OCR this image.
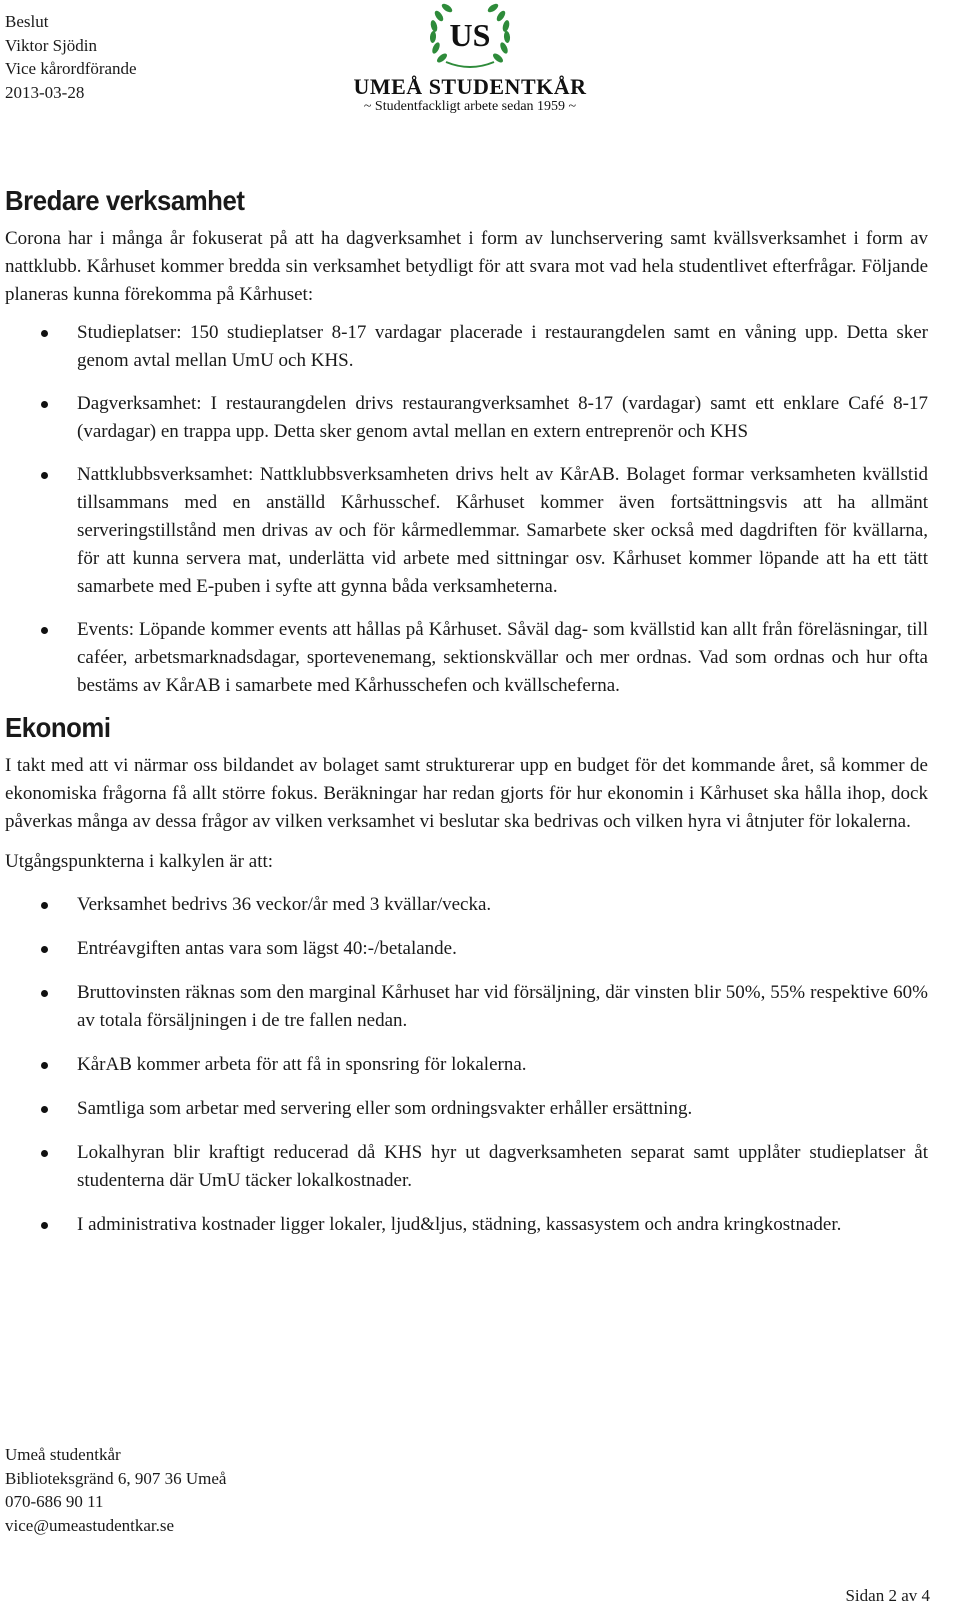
Beslut
Viktor Sjödin
Vice kårordförande
2013-03-28
US
UMEÅ STUDENTKÅR
~ Studentfackligt arbete sedan 1959 ~
Bredare verksamhet

Corona har i många år fokuserat på att ha dagverksamhet i form av lunchservering samt kvällsverksamhet i form av nattklubb. Kårhuset kommer bredda sin verksamhet betydligt för att svara mot vad hela studentlivet efterfrågar. Följande planeras kunna förekomma på Kårhuset:

Studieplatser: 150 studieplatser 8-17 vardagar placerade i restaurangdelen samt en våning upp. Detta sker genom avtal mellan UmU och KHS.
Dagverksamhet: I restaurangdelen drivs restaurangverksamhet 8-17 (vardagar) samt ett enklare Café 8-17 (vardagar) en trappa upp. Detta sker genom avtal mellan en extern entreprenör och KHS
Nattklubbsverksamhet: Nattklubbsverksamheten drivs helt av KårAB. Bolaget formar verksamheten kvällstid tillsammans med en anställd Kårhusschef. Kårhuset kommer även fortsättningsvis att ha allmänt serveringstillstånd men drivas av och för kårmedlemmar. Samarbete sker också med dagdriften för kvällarna, för att kunna servera mat, underlätta vid arbete med sittningar osv. Kårhuset kommer löpande att ha ett tätt samarbete med E-puben i syfte att gynna båda verksamheterna.
Events: Löpande kommer events att hållas på Kårhuset. Såväl dag- som kvällstid kan allt från föreläsningar, till caféer, arbetsmarknadsdagar, sportevenemang, sektionskvällar och mer ordnas. Vad som ordnas och hur ofta bestäms av KårAB i samarbete med Kårhusschefen och kvällscheferna.
Ekonomi

I takt med att vi närmar oss bildandet av bolaget samt strukturerar upp en budget för det kommande året, så kommer de ekonomiska frågorna få allt större fokus. Beräkningar har redan gjorts för hur ekonomin i Kårhuset ska hålla ihop, dock påverkas många av dessa frågor av vilken verksamhet vi beslutar ska bedrivas och vilken hyra vi åtnjuter för lokalerna.

Utgångspunkterna i kalkylen är att:

Verksamhet bedrivs 36 veckor/år med 3 kvällar/vecka.
Entréavgiften antas vara som lägst 40:-/betalande.
Bruttovinsten räknas som den marginal Kårhuset har vid försäljning, där vinsten blir 50%, 55% respektive 60% av totala försäljningen i de tre fallen nedan.
KårAB kommer arbeta för att få in sponsring för lokalerna.
Samtliga som arbetar med servering eller som ordningsvakter erhåller ersättning.
Lokalhyran blir kraftigt reducerad då KHS hyr ut dagverksamheten separat samt upplåter studieplatser åt studenterna där UmU täcker lokalkostnader.
I administrativa kostnader ligger lokaler, ljud&ljus, städning, kassasystem och andra kringkostnader.
Umeå studentkår
Biblioteksgränd 6, 907 36 Umeå
070-686 90 11
vice@umeastudentkar.se
Sidan 2 av 4
